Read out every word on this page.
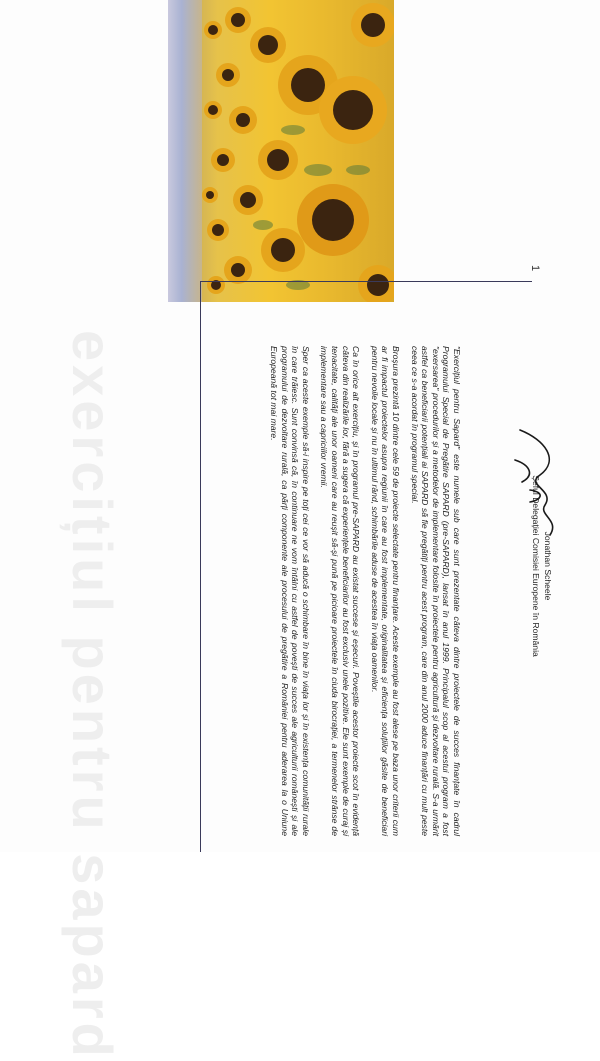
exercițiul pentru sapard
1

"Exercițiul pentru Sapard" este numele sub care sunt prezentate câteva dintre proiectele de succes finanțate în cadrul Programului Special de Pregătire SAPARD (pre-SAPARD), lansat în anul 1999. Principalul scop al acestui program a fost "exersarea" procedurilor și a metodelor de implementare folosite în proiectele pentru agricultură și dezvoltare rurală. S-a urmărit astfel ca beneficiarii potențiali ai SAPARD să fie pregătiți pentru acest program, care din anul 2000 aduce finanțări cu mult peste ceea ce s-a acordat în programul special.

Broșura prezintă 10 dintre cele 59 de proiecte selectate pentru finanțare. Aceste exemple au fost alese pe baza unor criterii cum ar fi impactul proiectelor asupra regiunii în care au fost implementate, originalitatea și eficiența soluțiilor găsite de beneficiari pentru nevoile locale și nu în ultimul rând, schimbările aduse de acestea în viața oamenilor.

Ca în orice alt exercițiu, și în programul pre-SAPARD au existat succese și eșecuri. Poveștile acestor proiecte scot în evidență câteva din realizările lor, fără a sugera că experiențele beneficiarilor au fost exclusiv unele pozitive. Ele sunt exemple de curaj și tenacitate, calități ale unor oameni care au reușit să-și pună pe picioare proiectele în ciuda birocrației, a termenelor strânse de implementare sau a capriciilor vremii.

Sper ca aceste exemple să-i inspire pe toți cei ce vor să aducă o schimbare în bine în viața lor și în existența comunității rurale în care trăiesc. Sunt convinsă că, în continuare ne vom întâlni cu astfel de povești de succes ale agriculturii românești și ale programului de dezvoltare rurală, ca părți componente ale procesului de pregătire a României pentru aderarea la o Uniune Europeană tot mai mare.

Jonathan Scheele
Șeful Delegației Comisiei Europene în România
